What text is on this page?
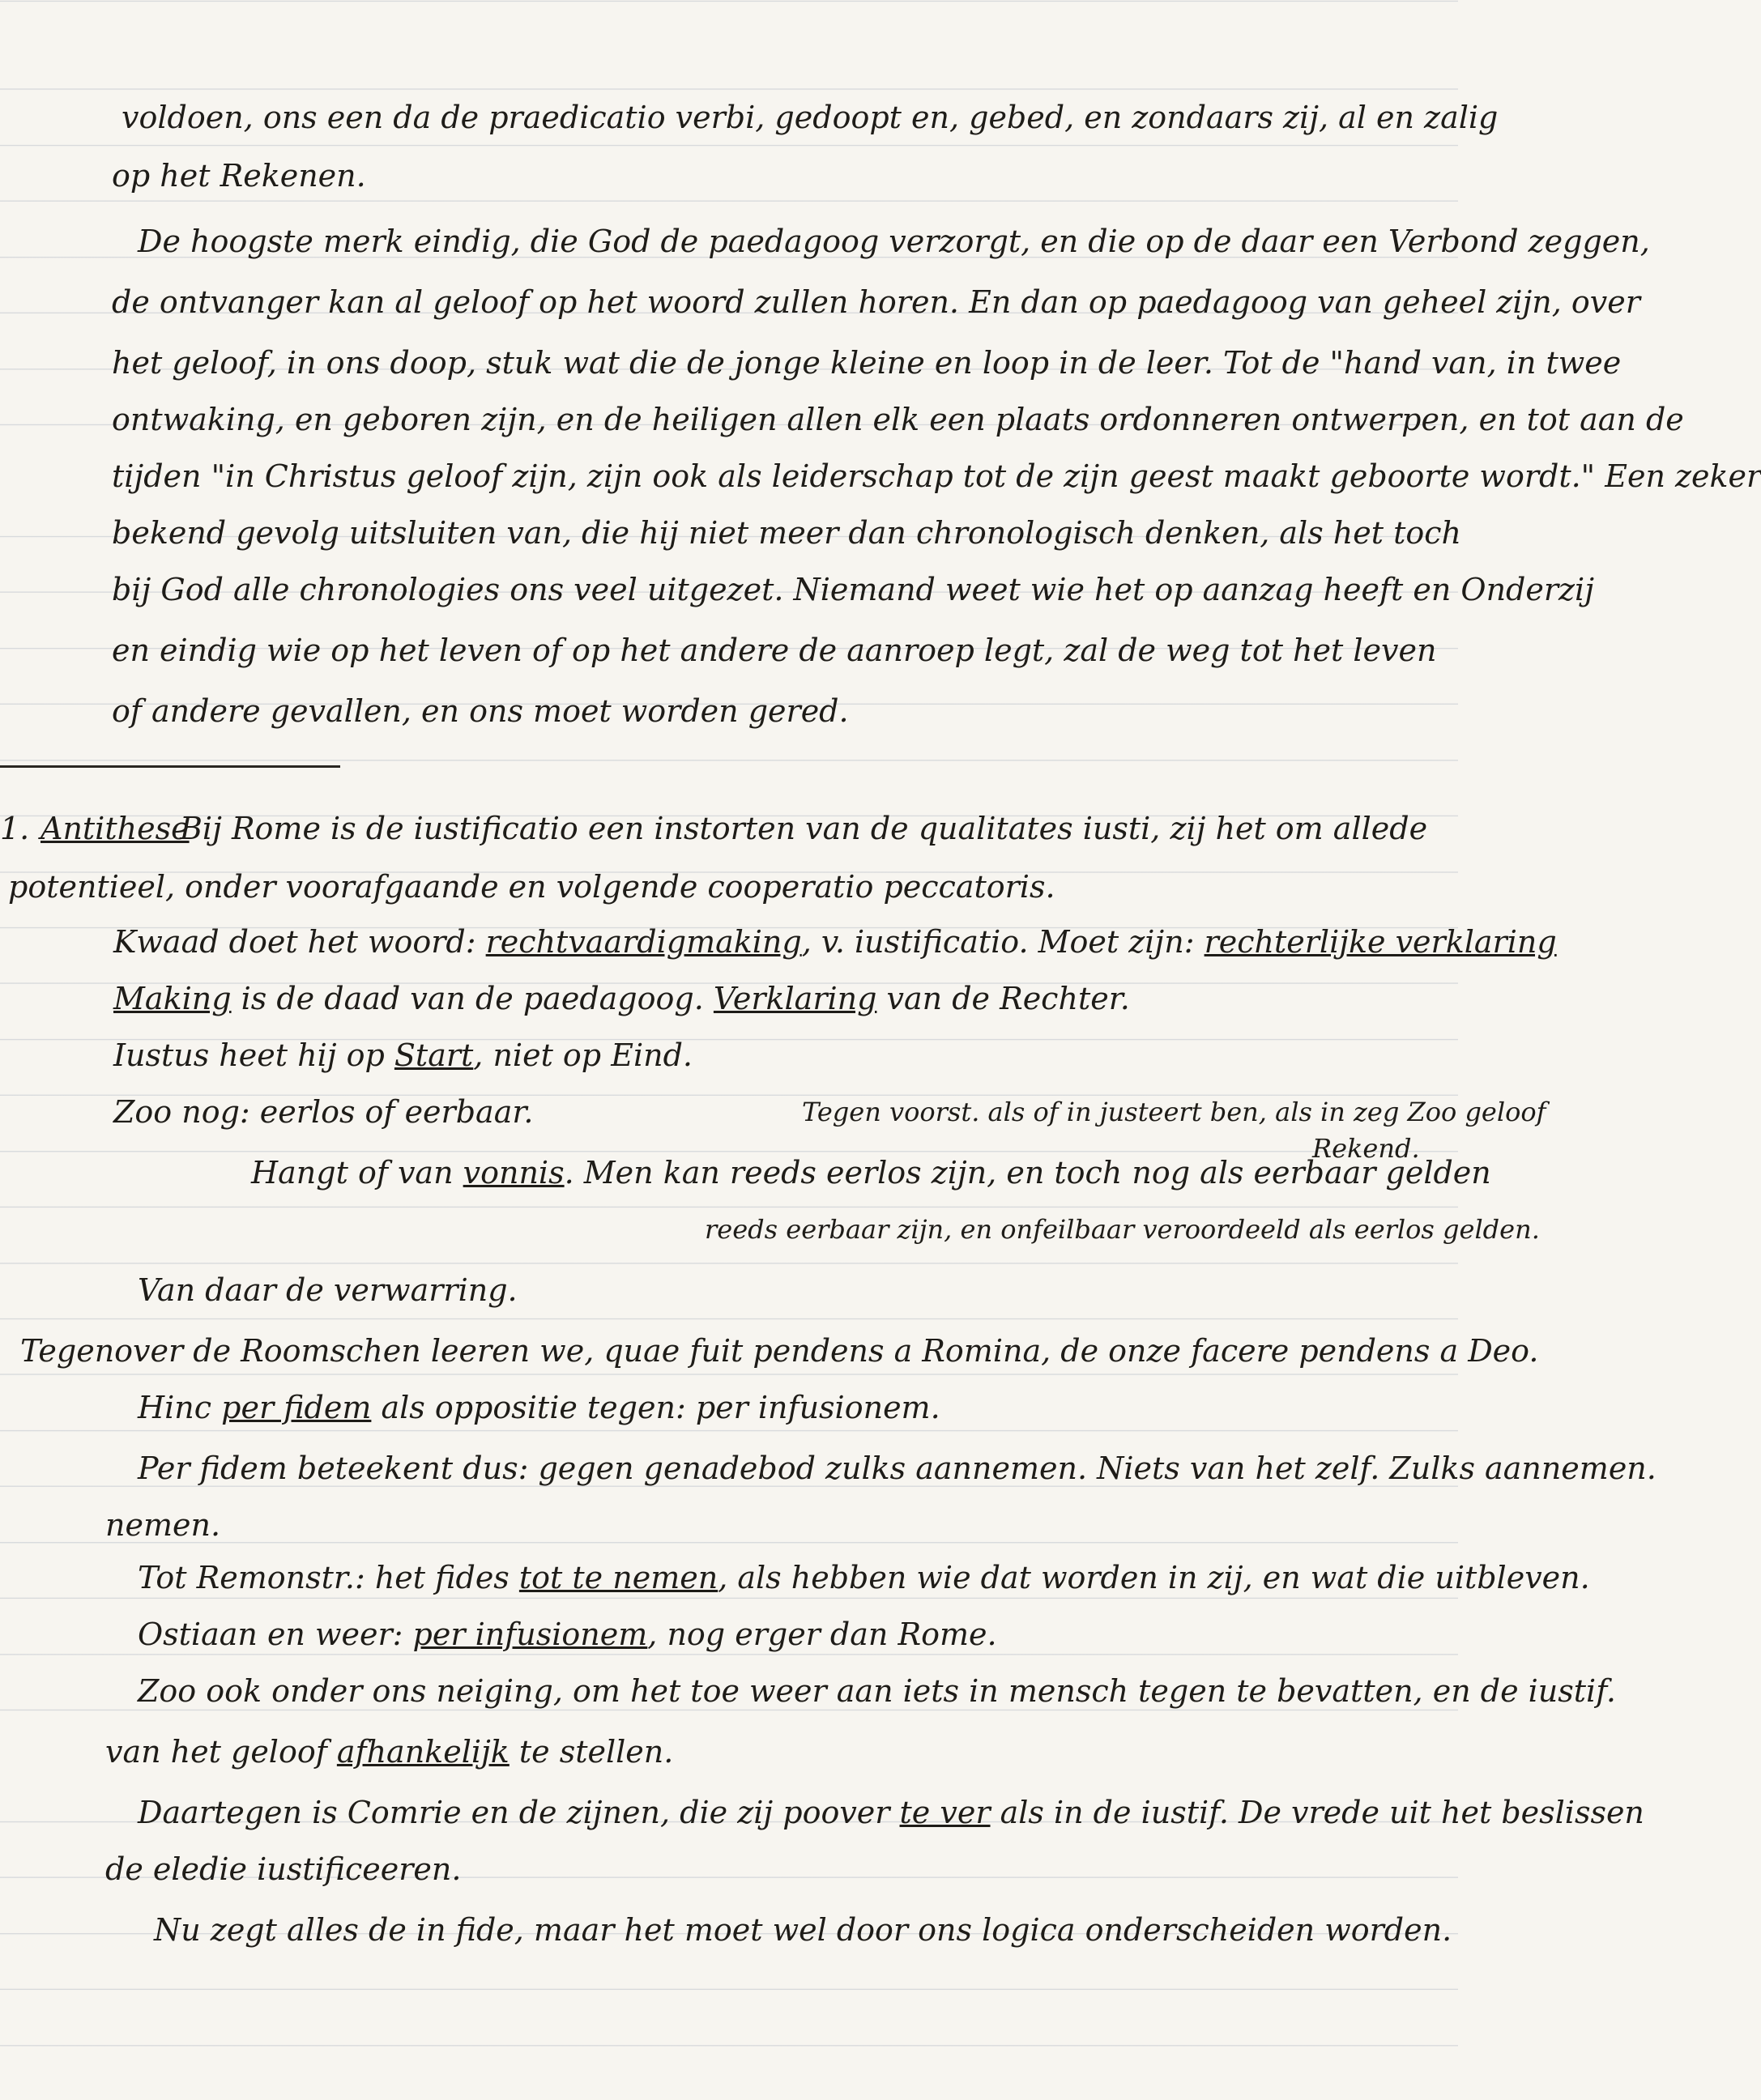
voldoen, ons een da de praedicatio verbi, gedoopt en, gebed, en zondaars zij, al en zalig
op het Rekenen.
De hoogste merk eindig, die God de paedagoog verzorgt, en die op de daar een Verbond zeggen,
de ontvanger kan al geloof op het woord zullen horen. En dan op paedagoog van geheel zijn, over
het geloof, in ons doop, stuk wat die de jonge kleine en loop in de leer. Tot de "hand van, in twee
ontwaking, en geboren zijn, en de heiligen allen elk een plaats ordonneren ontwerpen, en tot aan de
tijden "in Christus geloof zijn, zijn ook als leiderschap tot de zijn geest maakt geboorte wordt." Een zeker
bekend gevolg uitsluiten van, die hij niet meer dan chronologisch denken, als het toch
bij God alle chronologies ons veel uitgezet. Niemand weet wie het op aanzag heeft en Onderzij
en eindig wie op het leven of op het andere de aanroep legt, zal de weg tot het leven
of andere gevallen, en ons moet worden gered.
1. Antithese
Bij Rome is de iustificatio een instorten van de qualitates iusti, zij het om allede
potentieel, onder voorafgaande en volgende cooperatio peccatoris.
Kwaad doet het woord: rechtvaardigmaking, v. iustificatio. Moet zijn: rechterlijke verklaring
Making is de daad van de paedagoog. Verklaring van de Rechter.
Iustus heet hij op Start, niet op Eind.
Zoo nog: eerlos of eerbaar.	Tegen voorst. als of in justeert ben, als in zeg Zoo geloof
Rekend.
Hangt of van vonnis. Men kan reeds eerlos zijn, en toch nog als eerbaar gelden
reeds eerbaar zijn, en onfeilbaar veroordeeld als eerlos gelden.
Van daar de verwarring.
Tegenover de Roomschen leeren we, quae fuit pendens a Romina, de onze facere pendens a Deo.
Hinc per fidem als oppositie tegen: per infusionem.
Per fidem beteekent dus: gegen genadebod zulks aannemen. Niets van het zelf. Zulks aannemen.
nemen.
Tot Remonstr.: het fides tot te nemen, als hebben wie dat worden in zij, en wat die uitbleven.
Ostiaan en weer: per infusionem, nog erger dan Rome.
Zoo ook onder ons neiging, om het toe weer aan iets in mensch tegen te bevatten, en de iustif.
van het geloof afhankelijk te stellen.
Daartegen is Comrie en de zijnen, die zij poover te ver als in de iustif. De vrede uit het beslissen
de eledie iustificeeren.
Nu zegt alles de in fide, maar het moet wel door ons logica onderscheiden worden.
